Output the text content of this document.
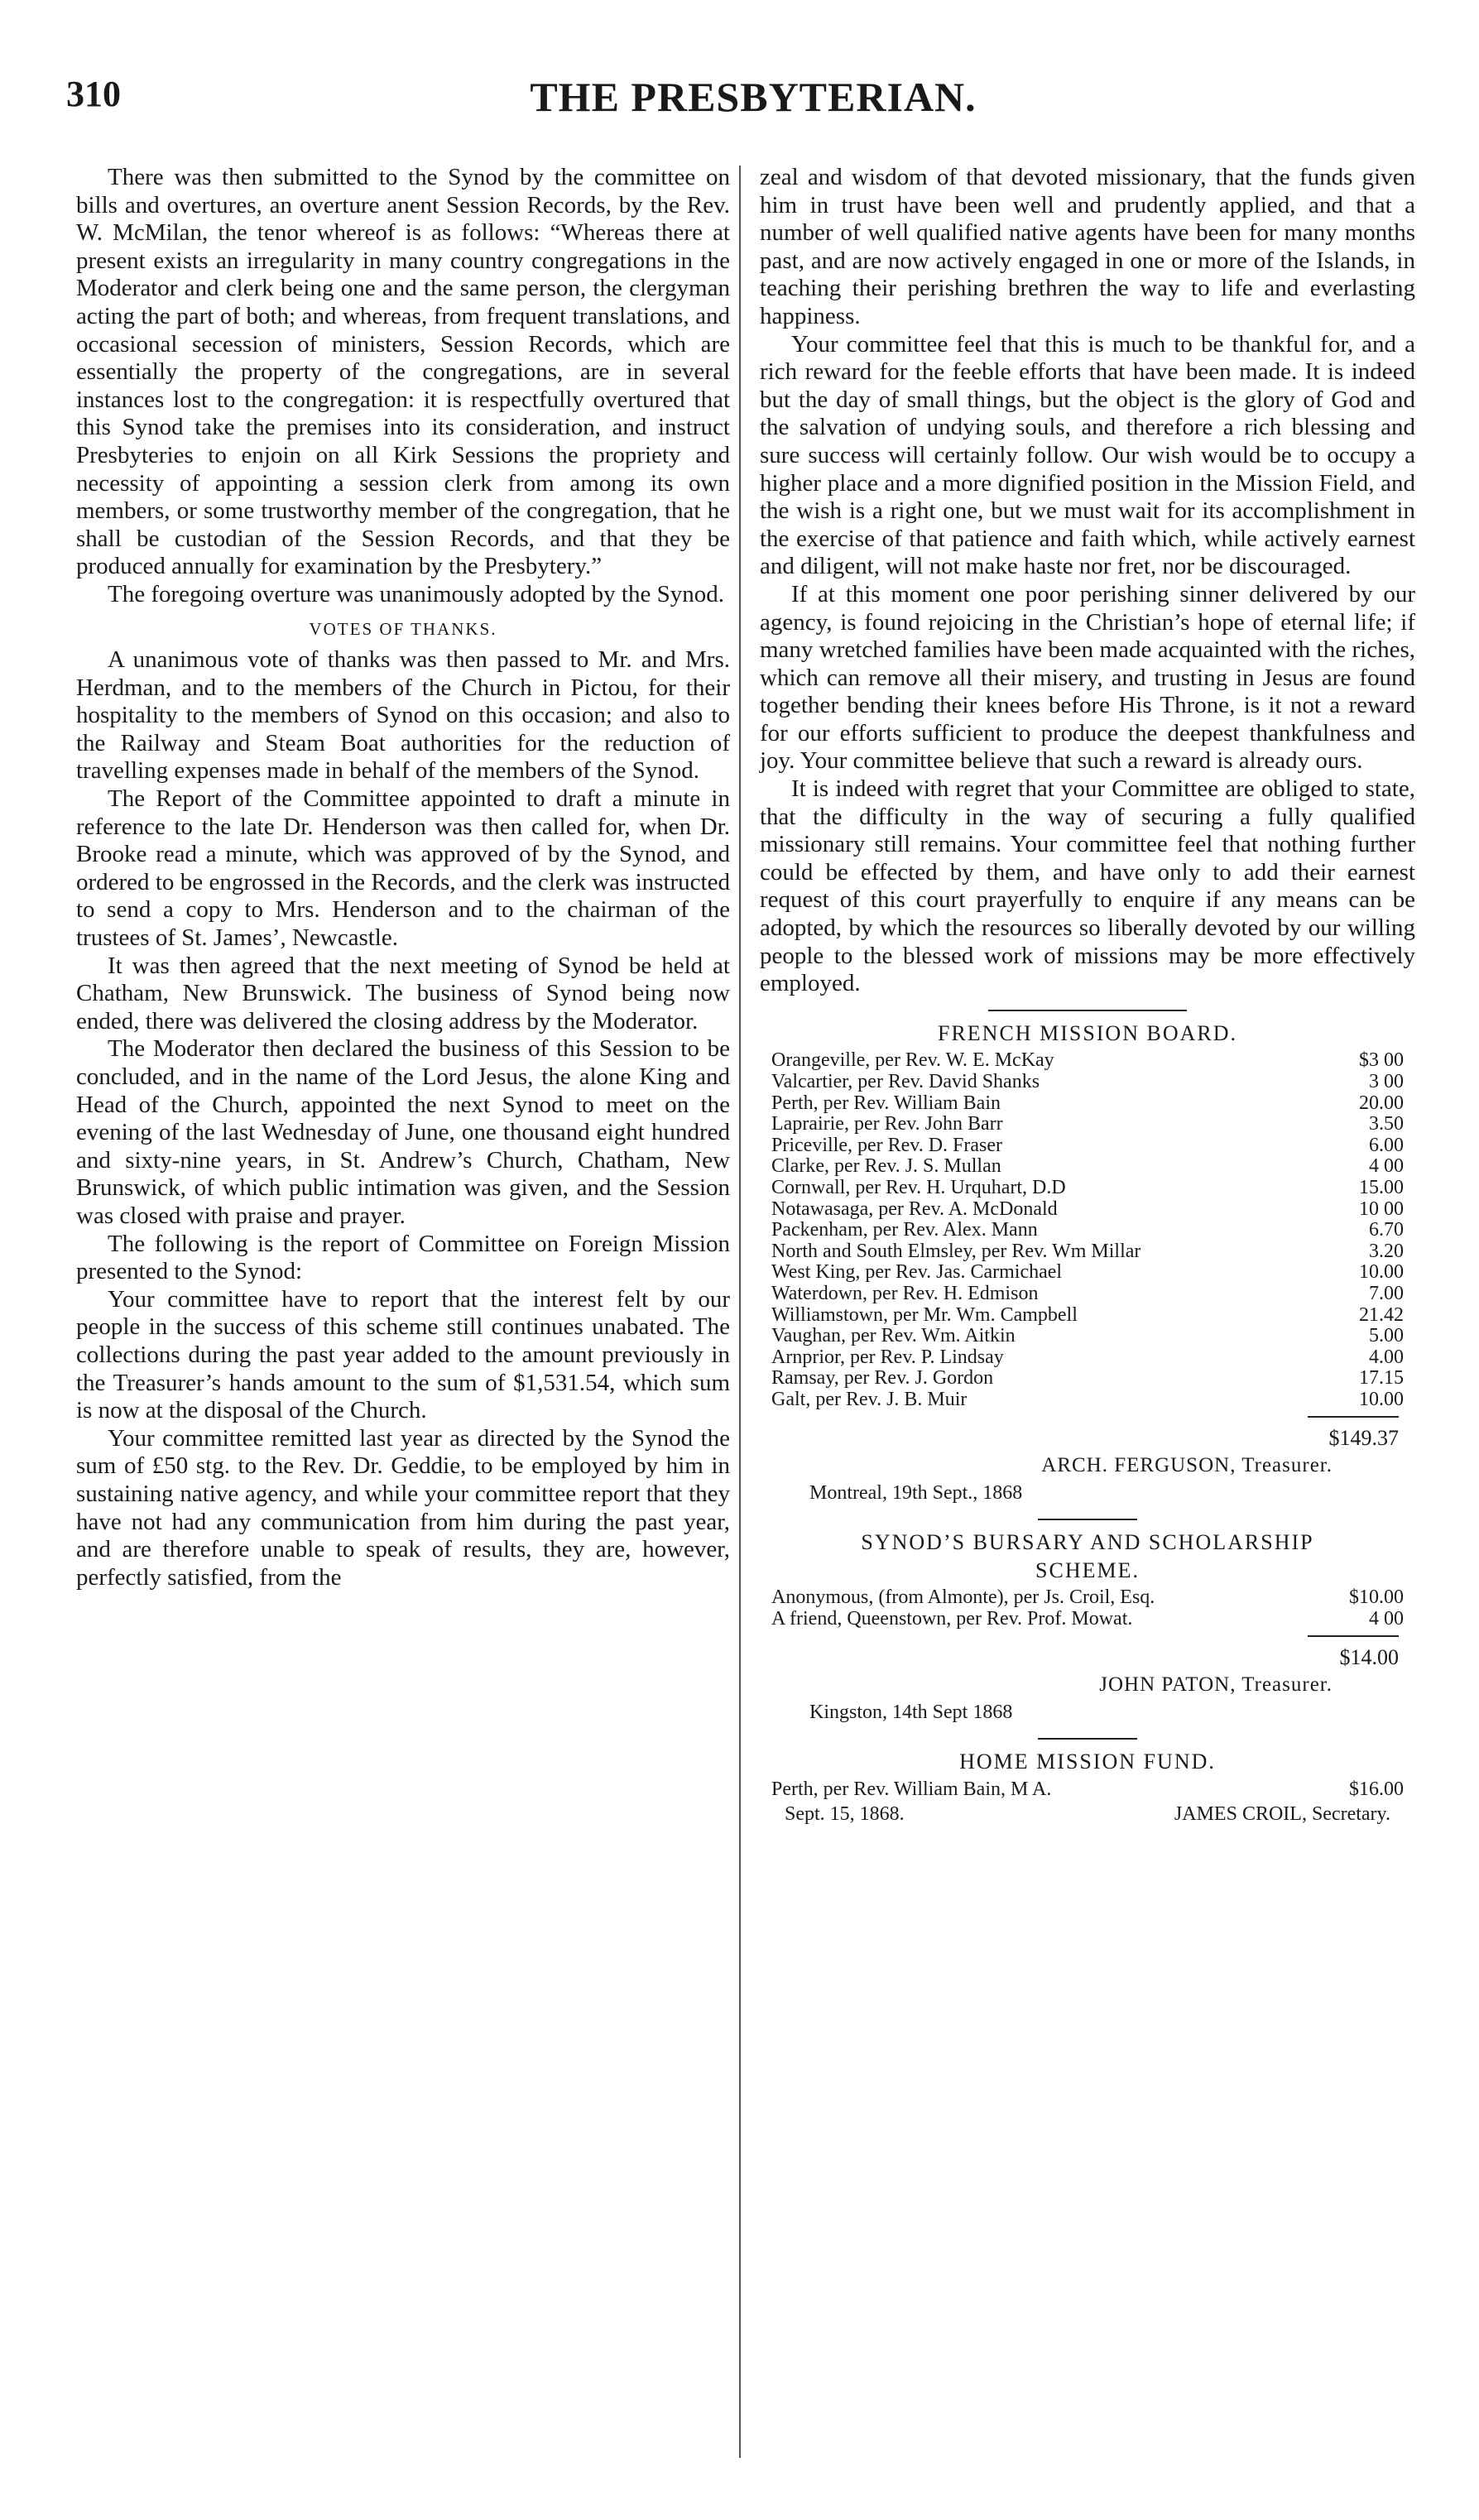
310	THE PRESBYTERIAN.

There was then submitted to the Synod by the committee on bills and overtures, an overture anent Session Records, by the Rev. W. McMilan, the tenor whereof is as follows: “Whereas there at present exists an irregularity in many country congregations in the Moderator and clerk being one and the same person, the clergyman acting the part of both; and whereas, from frequent translations, and occasional secession of ministers, Session Records, which are essentially the property of the congregations, are in several instances lost to the congregation: it is respectfully overtured that this Synod take the premises into its consideration, and instruct Presbyteries to enjoin on all Kirk Sessions the propriety and necessity of appointing a session clerk from among its own members, or some trustworthy member of the congregation, that he shall be custodian of the Session Records, and that they be produced annually for examination by the Presbytery.”

The foregoing overture was unanimously adopted by the Synod.

VOTES OF THANKS.

A unanimous vote of thanks was then passed to Mr. and Mrs. Herdman, and to the members of the Church in Pictou, for their hospitality to the members of Synod on this occasion; and also to the Railway and Steam Boat authorities for the reduction of travelling expenses made in behalf of the members of the Synod.

The Report of the Committee appointed to draft a minute in reference to the late Dr. Henderson was then called for, when Dr. Brooke read a minute, which was approved of by the Synod, and ordered to be engrossed in the Records, and the clerk was instructed to send a copy to Mrs. Henderson and to the chairman of the trustees of St. James’, Newcastle.

It was then agreed that the next meeting of Synod be held at Chatham, New Brunswick. The business of Synod being now ended, there was delivered the closing address by the Moderator.

The Moderator then declared the business of this Session to be concluded, and in the name of the Lord Jesus, the alone King and Head of the Church, appointed the next Synod to meet on the evening of the last Wednesday of June, one thousand eight hundred and sixty-nine years, in St. Andrew’s Church, Chatham, New Brunswick, of which public intimation was given, and the Session was closed with praise and prayer.

The following is the report of Committee on Foreign Mission presented to the Synod:

Your committee have to report that the interest felt by our people in the success of this scheme still continues unabated. The collections during the past year added to the amount previously in the Treasurer’s hands amount to the sum of $1,531.54, which sum is now at the disposal of the Church.

Your committee remitted last year as directed by the Synod the sum of £50 stg. to the Rev. Dr. Geddie, to be employed by him in sustaining native agency, and while your committee report that they have not had any communication from him during the past year, and are therefore unable to speak of results, they are, however, perfectly satisfied, from the

zeal and wisdom of that devoted missionary, that the funds given him in trust have been well and prudently applied, and that a number of well qualified native agents have been for many months past, and are now actively engaged in one or more of the Islands, in teaching their perishing brethren the way to life and everlasting happiness.

Your committee feel that this is much to be thankful for, and a rich reward for the feeble efforts that have been made. It is indeed but the day of small things, but the object is the glory of God and the salvation of undying souls, and therefore a rich blessing and sure success will certainly follow. Our wish would be to occupy a higher place and a more dignified position in the Mission Field, and the wish is a right one, but we must wait for its accomplishment in the exercise of that patience and faith which, while actively earnest and diligent, will not make haste nor fret, nor be discouraged.

If at this moment one poor perishing sinner delivered by our agency, is found rejoicing in the Christian’s hope of eternal life; if many wretched families have been made acquainted with the riches, which can remove all their misery, and trusting in Jesus are found together bending their knees before His Throne, is it not a reward for our efforts sufficient to produce the deepest thankfulness and joy. Your committee believe that such a reward is already ours.

It is indeed with regret that your Committee are obliged to state, that the difficulty in the way of securing a fully qualified missionary still remains. Your committee feel that nothing further could be effected by them, and have only to add their earnest request of this court prayerfully to enquire if any means can be adopted, by which the resources so liberally devoted by our willing people to the blessed work of missions may be more effectively employed.

FRENCH MISSION BOARD.
Orangeville, per Rev. W. E. McKay	$3 00
Valcartier, per Rev. David Shanks	3 00
Perth, per Rev. William Bain	20.00
Laprairie, per Rev. John Barr	3.50
Priceville, per Rev. D. Fraser	6.00
Clarke, per Rev. J. S. Mullan	4 00
Cornwall, per Rev. H. Urquhart, D.D	15.00
Notawasaga, per Rev. A. McDonald	10 00
Packenham, per Rev. Alex. Mann	6.70
North and South Elmsley, per Rev. Wm Millar	3.20
West King, per Rev. Jas. Carmichael	10.00
Waterdown, per Rev. H. Edmison	7.00
Williamstown, per Mr. Wm. Campbell	21.42
Vaughan, per Rev. Wm. Aitkin	5.00
Arnprior, per Rev. P. Lindsay	4.00
Ramsay, per Rev. J. Gordon	17.15
Galt, per Rev. J. B. Muir	10.00
$149.37
ARCH. FERGUSON, Treasurer.
Montreal, 19th Sept., 1868
SYNOD’S BURSARY AND SCHOLARSHIP
SCHEME.
Anonymous, (from Almonte), per Js. Croil, Esq.	$10.00
A friend, Queenstown, per Rev. Prof. Mowat.	4 00
$14.00
JOHN PATON, Treasurer.
Kingston, 14th Sept 1868
HOME MISSION FUND.
Perth, per Rev. William Bain, M A.	$16.00
Sept. 15, 1868.	JAMES CROIL, Secretary.
